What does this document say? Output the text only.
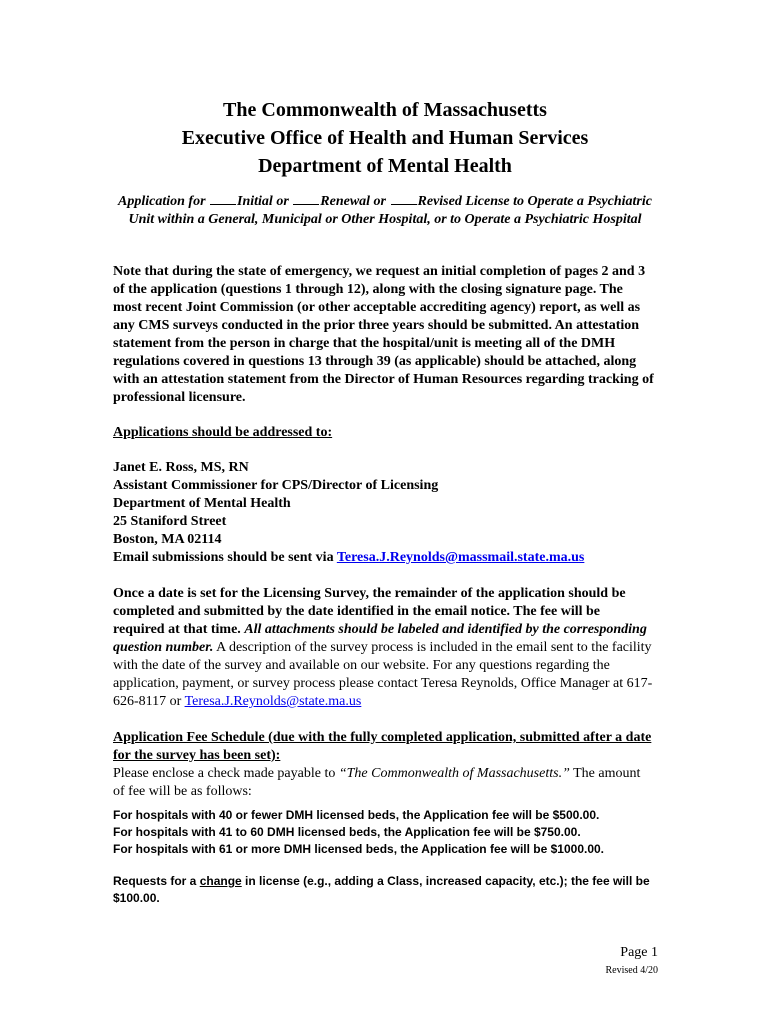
The Commonwealth of Massachusetts
Executive Office of Health and Human Services
Department of Mental Health
Application for Initial or Renewal or Revised License to Operate a Psychiatric Unit within a General, Municipal or Other Hospital, or to Operate a Psychiatric Hospital

Note that during the state of emergency, we request an initial completion of pages 2 and 3 of the application (questions 1 through 12), along with the closing signature page. The most recent Joint Commission (or other acceptable accrediting agency) report, as well as any CMS surveys conducted in the prior three years should be submitted. An attestation statement from the person in charge that the hospital/unit is meeting all of the DMH regulations covered in questions 13 through 39 (as applicable) should be attached, along with an attestation statement from the Director of Human Resources regarding tracking of professional licensure.

Applications should be addressed to:

Janet E. Ross, MS, RN
Assistant Commissioner for CPS/Director of Licensing
Department of Mental Health
25 Staniford Street
Boston, MA 02114
Email submissions should be sent via Teresa.J.Reynolds@massmail.state.ma.us

Once a date is set for the Licensing Survey, the remainder of the application should be completed and submitted by the date identified in the email notice. The fee will be required at that time. All attachments should be labeled and identified by the corresponding question number. A description of the survey process is included in the email sent to the facility with the date of the survey and available on our website. For any questions regarding the application, payment, or survey process please contact Teresa Reynolds, Office Manager at 617-626-8117 or Teresa.J.Reynolds@state.ma.us

Application Fee Schedule (due with the fully completed application, submitted after a date for the survey has been set):

Please enclose a check made payable to “The Commonwealth of Massachusetts.” The amount of fee will be as follows:

For hospitals with 40 or fewer DMH licensed beds, the Application fee will be $500.00.
For hospitals with 41 to 60 DMH licensed beds, the Application fee will be $750.00.
For hospitals with 61 or more DMH licensed beds, the Application fee will be $1000.00.

Requests for a change in license (e.g., adding a Class, increased capacity, etc.); the fee will be $100.00.

Page 1
Revised 4/20
